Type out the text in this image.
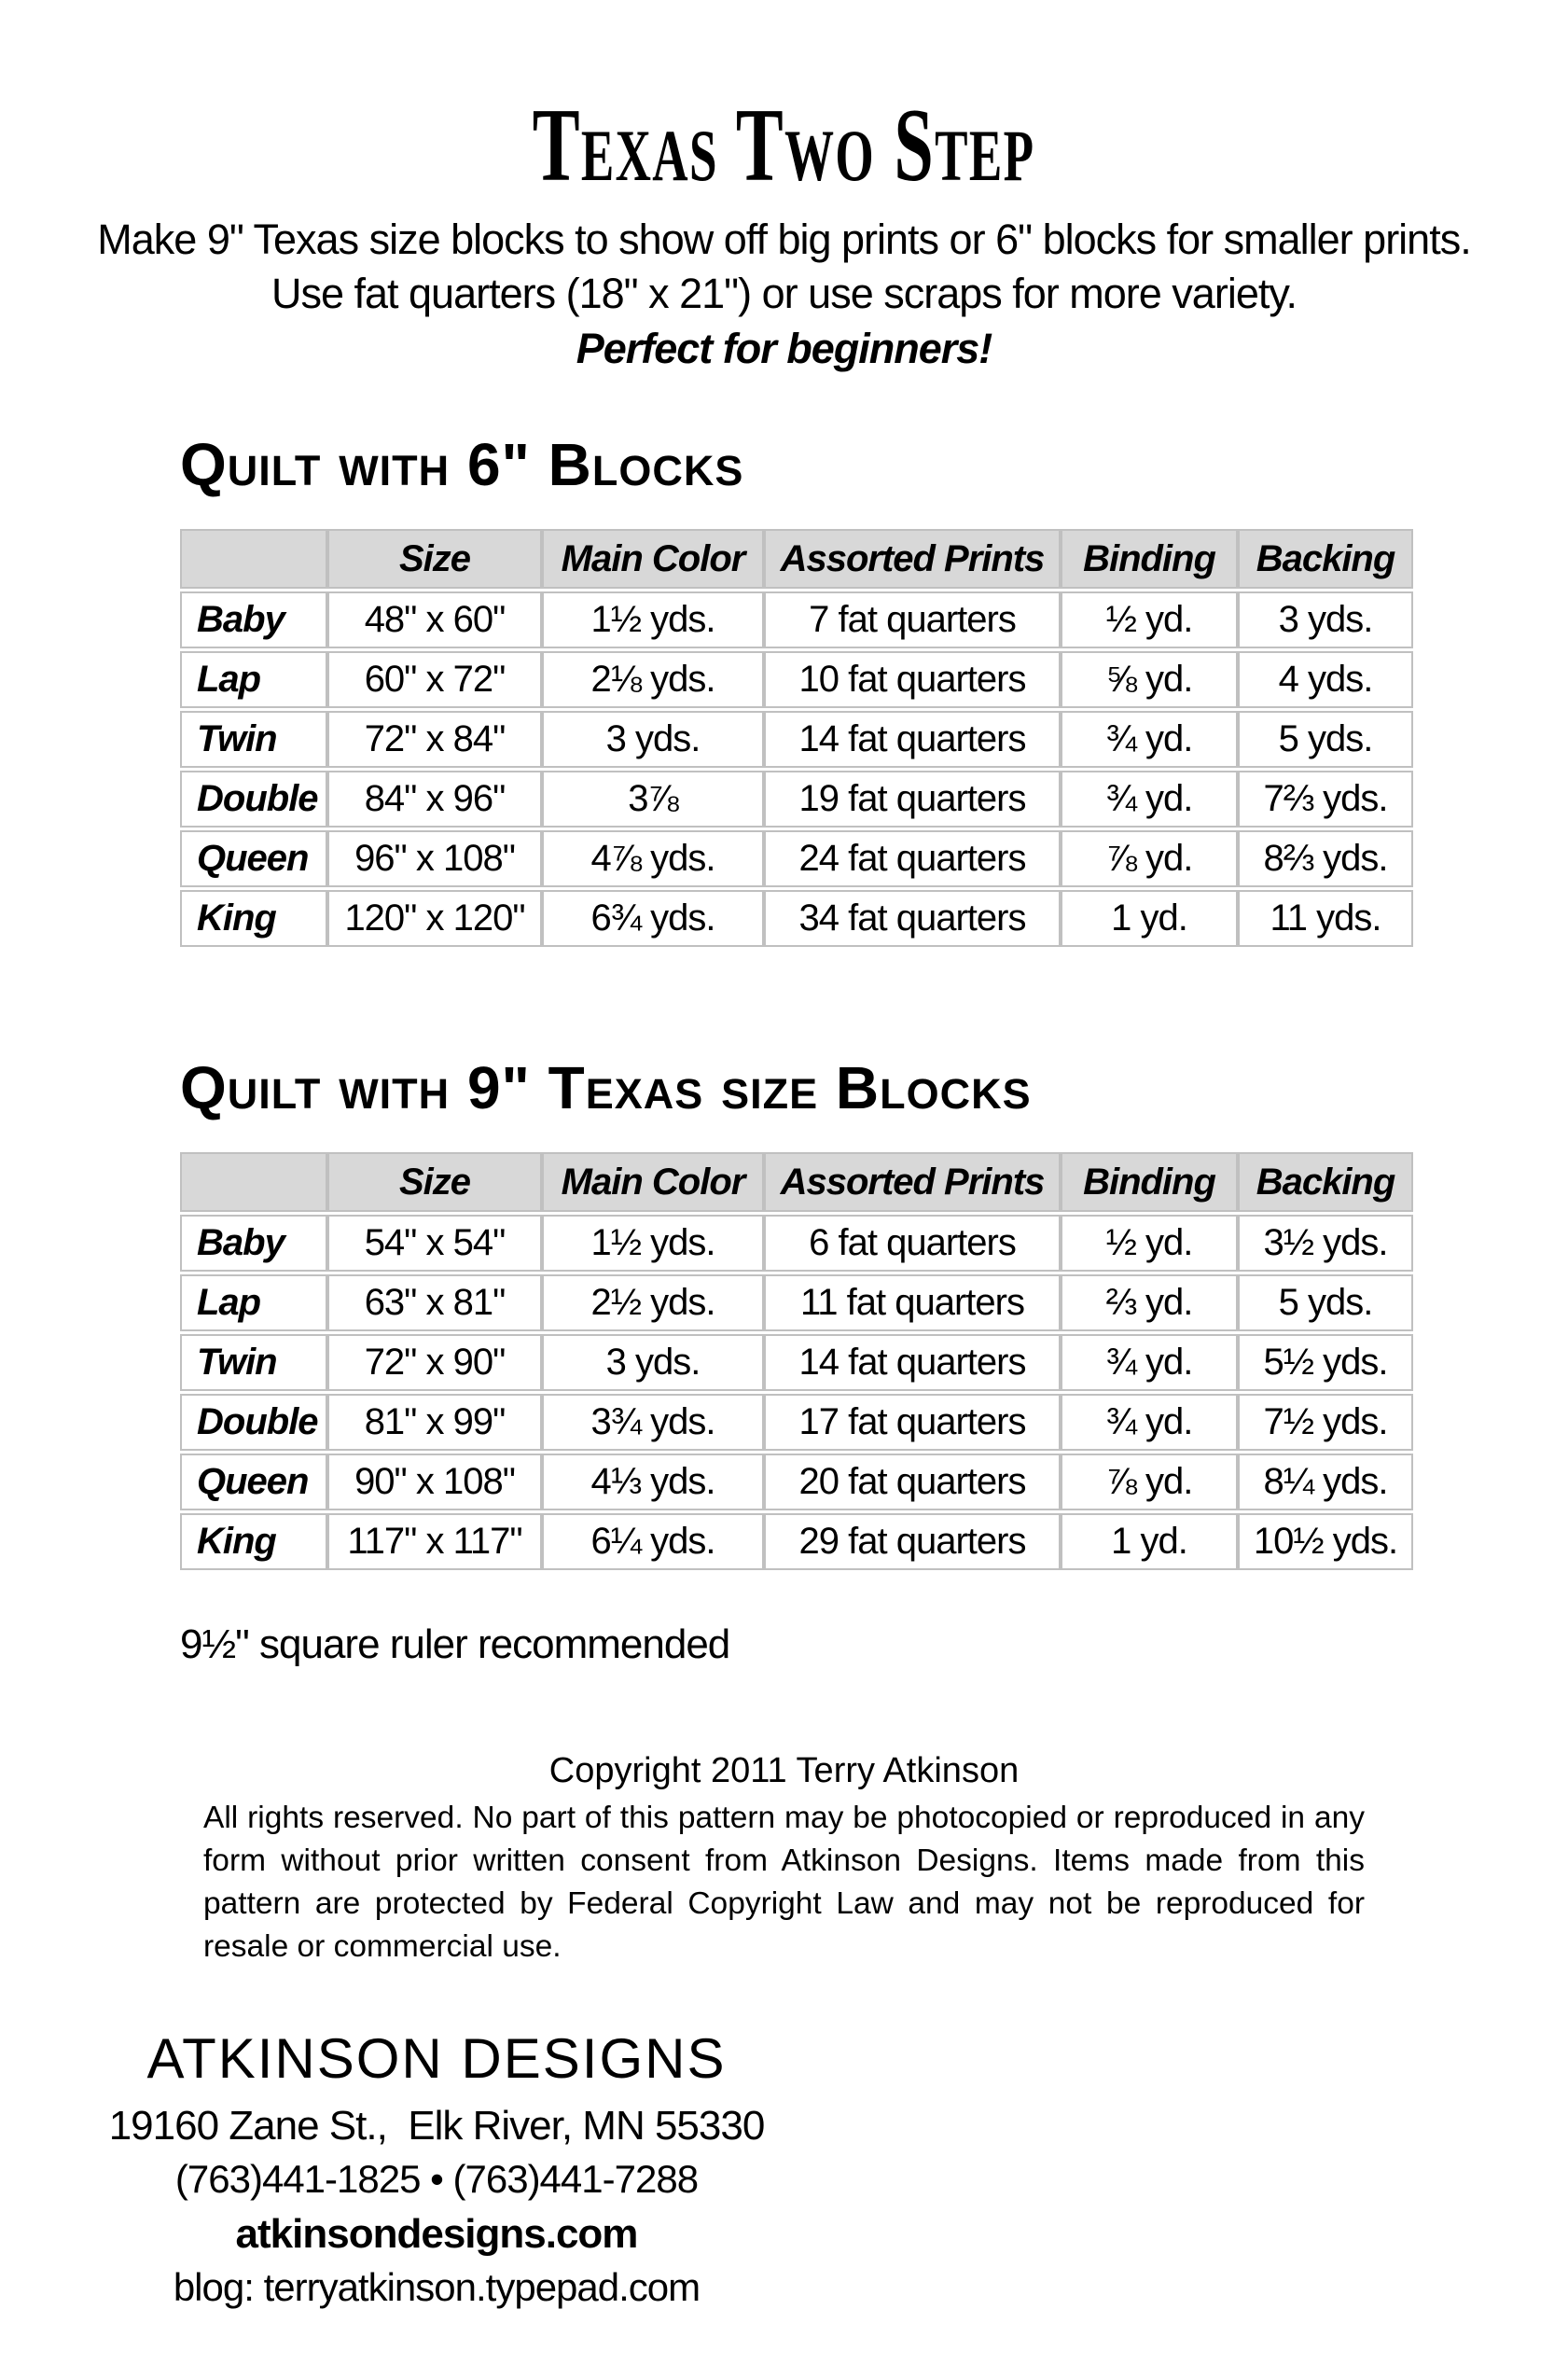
Texas Two Step
Make 9" Texas size blocks to show off big prints or 6" blocks for smaller prints.
Use fat quarters (18" x 21") or use scraps for more variety.
Perfect for beginners!
Quilt with 6" Blocks
	Size	Main Color	Assorted Prints	Binding	Backing
Baby	48" x 60"	1½ yds.	7 fat quarters	½ yd.	3 yds.
Lap	60" x 72"	2⅛ yds.	10 fat quarters	⅝ yd.	4 yds.
Twin	72" x 84"	3 yds.	14 fat quarters	¾ yd.	5 yds.
Double	84" x 96"	3⅞	19 fat quarters	¾ yd.	7⅔ yds.
Queen	96" x 108"	4⅞ yds.	24 fat quarters	⅞ yd.	8⅔ yds.
King	120" x 120"	6¾ yds.	34 fat quarters	1 yd.	11 yds.
Quilt with 9" Texas size Blocks
	Size	Main Color	Assorted Prints	Binding	Backing
Baby	54" x 54"	1½ yds.	6 fat quarters	½ yd.	3½ yds.
Lap	63" x 81"	2½ yds.	11 fat quarters	⅔ yd.	5 yds.
Twin	72" x 90"	3 yds.	14 fat quarters	¾ yd.	5½ yds.
Double	81" x 99"	3¾ yds.	17 fat quarters	¾ yd.	7½ yds.
Queen	90" x 108"	4⅓ yds.	20 fat quarters	⅞ yd.	8¼ yds.
King	117" x 117"	6¼ yds.	29 fat quarters	1 yd.	10½ yds.
9½" square ruler recommended
Copyright 2011 Terry Atkinson
All rights reserved. No part of this pattern may be photocopied or reproduced in any form without prior written consent from Atkinson Designs. Items made from this pattern are protected by Federal Copyright Law and may not be reproduced for resale or commercial use.
ATKINSON DESIGNS
19160 Zane St.,  Elk River, MN 55330
(763)441-1825 • (763)441-7288
atkinsondesigns.com
blog: terryatkinson.typepad.com
